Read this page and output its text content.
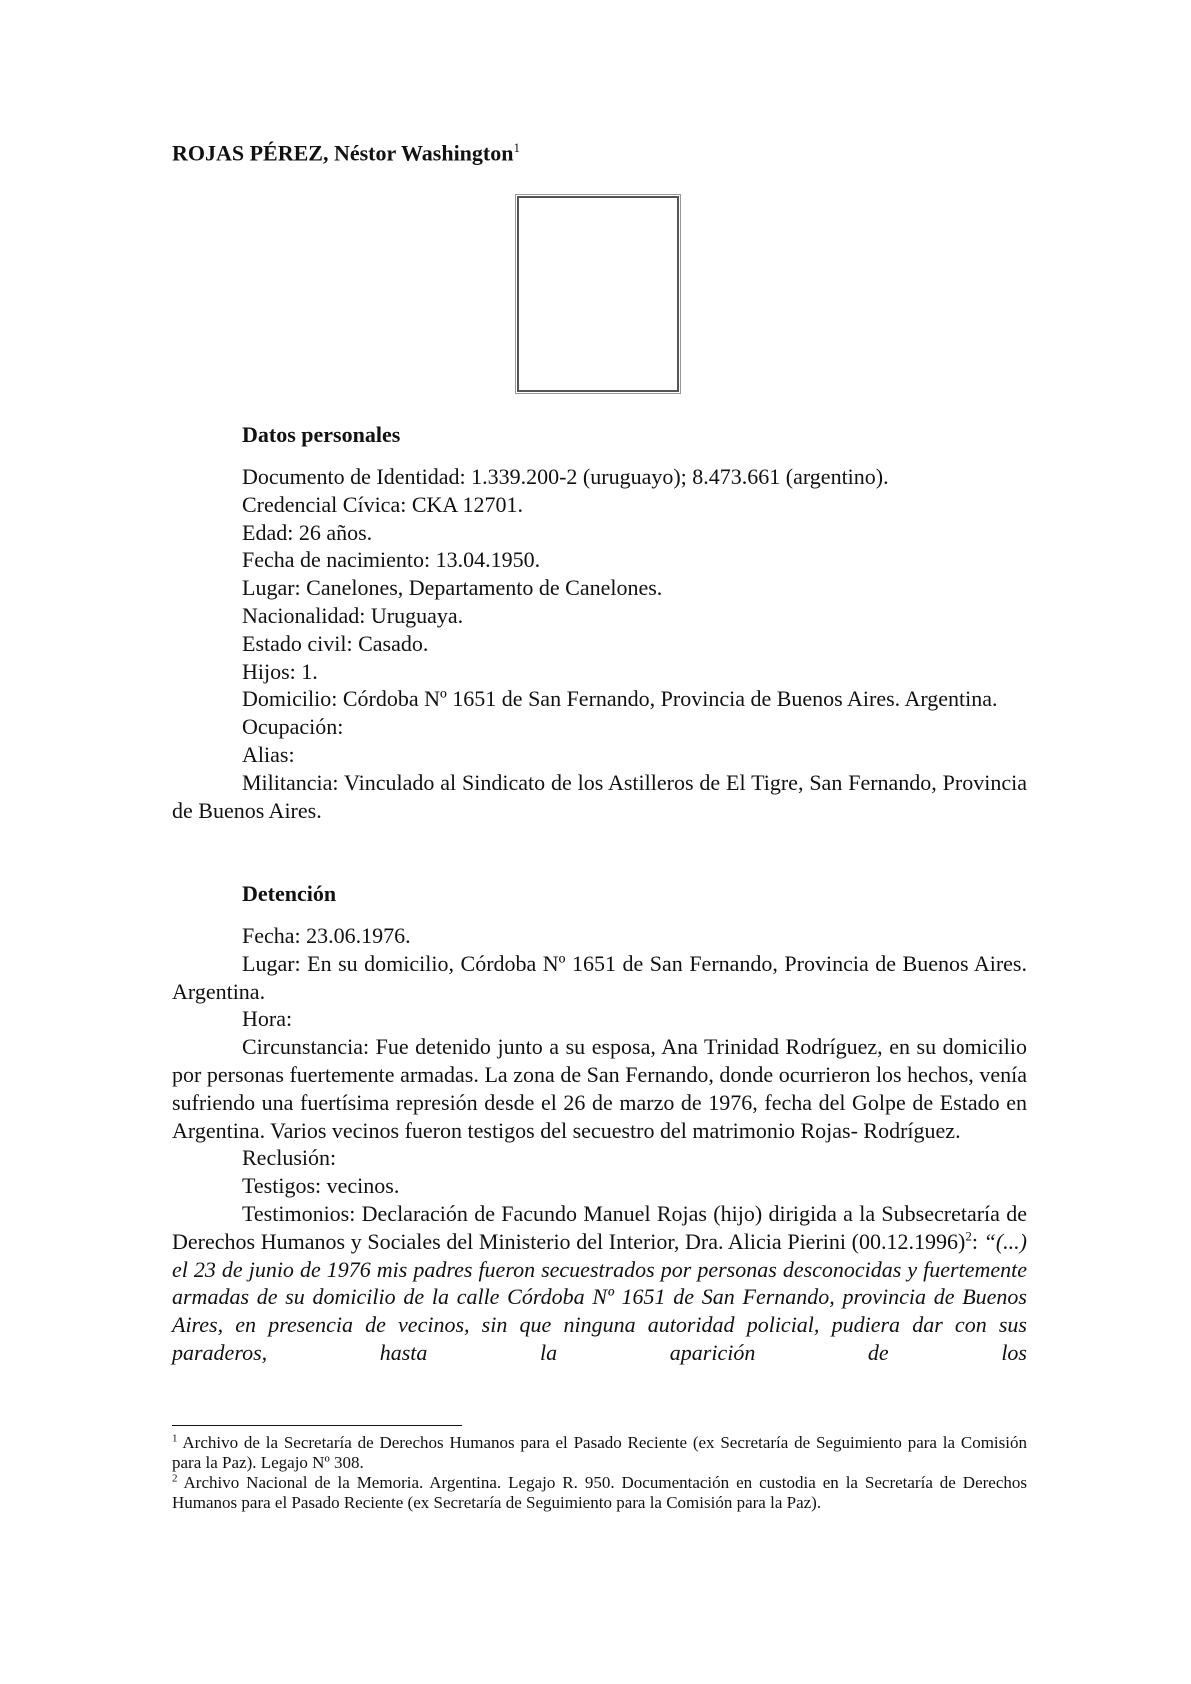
ROJAS PÉREZ, Néstor Washington$^1$
Datos personales

Documento de Identidad: 1.339.200-2 (uruguayo); 8.473.661 (argentino).

Credencial Cívica: CKA 12701.

Edad: 26 años.

Fecha de nacimiento: 13.04.1950.

Lugar: Canelones, Departamento de Canelones.

Nacionalidad: Uruguaya.

Estado civil: Casado.

Hijos: 1.

Domicilio: Córdoba Nº 1651 de San Fernando, Provincia de Buenos Aires. Argentina.

Ocupación:

Alias:

Militancia: Vinculado al Sindicato de los Astilleros de El Tigre, San Fernando, Provincia de Buenos Aires.

Detención

Fecha: 23.06.1976.

Lugar: En su domicilio, Córdoba Nº 1651 de San Fernando, Provincia de Buenos Aires. Argentina.

Hora:

Circunstancia: Fue detenido junto a su esposa, Ana Trinidad Rodríguez, en su domicilio por personas fuertemente armadas. La zona de San Fernando, donde ocurrieron los hechos, venía sufriendo una fuertísima represión desde el 26 de marzo de 1976, fecha del Golpe de Estado en Argentina. Varios vecinos fueron testigos del secuestro del matrimonio Rojas- Rodríguez.

Reclusión:

Testigos: vecinos.

Testimonios: Declaración de Facundo Manuel Rojas (hijo) dirigida a la Subsecretaría de Derechos Humanos y Sociales del Ministerio del Interior, Dra. Alicia Pierini $(00.12.1996)^2$: “(...) el 23 de junio de 1976 mis padres fueron secuestrados por personas desconocidas y fuertemente armadas de su domicilio de la calle Córdoba Nº 1651 de San Fernando, provincia de Buenos Aires, en presencia de vecinos, sin que ninguna autoridad policial, pudiera dar con sus paraderos, hasta la aparición de los

$^1$ Archivo de la Secretaría de Derechos Humanos para el Pasado Reciente (ex Secretaría de Seguimiento para la Comisión para la Paz). Legajo Nº 308.

$^2$ Archivo Nacional de la Memoria. Argentina. Legajo R. 950. Documentación en custodia en la Secretaría de Derechos Humanos para el Pasado Reciente (ex Secretaría de Seguimiento para la Comisión para la Paz).
